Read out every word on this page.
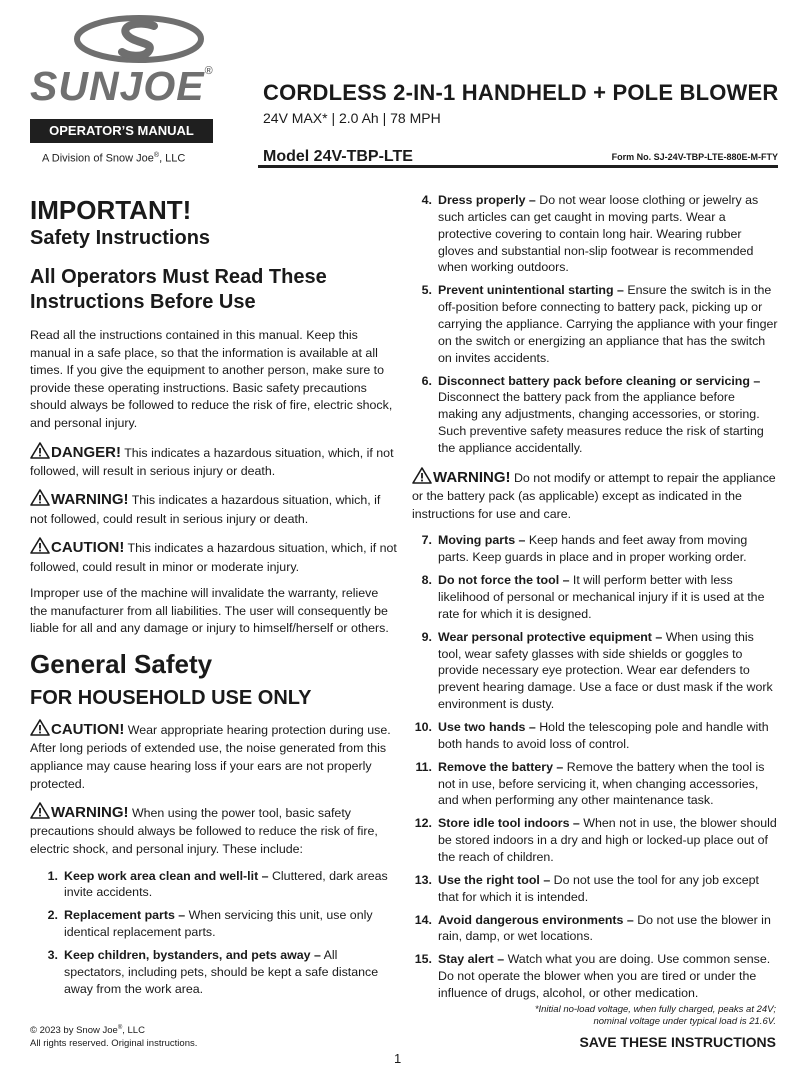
SUNJOE®
OPERATOR’S MANUAL
A Division of Snow Joe®, LLC
CORDLESS 2-IN-1 HANDHELD + POLE BLOWER
24V MAX* | 2.0 Ah | 78 MPH
Model 24V-TBP-LTE	Form No. SJ-24V-TBP-LTE-880E-M-FTY
IMPORTANT!
Safety Instructions
All Operators Must Read These Instructions Before Use

Read all the instructions contained in this manual. Keep this manual in a safe place, so that the information is available at all times. If you give the equipment to another person, make sure to provide these operating instructions. Basic safety precautions should always be followed to reduce the risk of fire, electric shock, and personal injury.

DANGER! This indicates a hazardous situation, which, if not followed, will result in serious injury or death.
WARNING! This indicates a hazardous situation, which, if not followed, could result in serious injury or death.
CAUTION! This indicates a hazardous situation, which, if not followed, could result in minor or moderate injury.

Improper use of the machine will invalidate the warranty, relieve the manufacturer from all liabilities. The user will consequently be liable for all and any damage or injury to himself/herself or others.

General Safety
FOR HOUSEHOLD USE ONLY
CAUTION! Wear appropriate hearing protection during use. After long periods of extended use, the noise generated from this appliance may cause hearing loss if your ears are not properly protected.
WARNING! When using the power tool, basic safety precautions should always be followed to reduce the risk of fire, electric shock, and personal injury. These include:
1. Keep work area clean and well-lit – Cluttered, dark areas invite accidents.
2. Replacement parts – When servicing this unit, use only identical replacement parts.
3. Keep children, bystanders, and pets away – All spectators, including pets, should be kept a safe distance away from the work area.
4. Dress properly – Do not wear loose clothing or jewelry as such articles can get caught in moving parts. Wear a protective covering to contain long hair. Wearing rubber gloves and substantial non-slip footwear is recommended when working outdoors.
5. Prevent unintentional starting – Ensure the switch is in the off-position before connecting to battery pack, picking up or carrying the appliance. Carrying the appliance with your finger on the switch or energizing an appliance that has the switch on invites accidents.
6. Disconnect battery pack before cleaning or servicing – Disconnect the battery pack from the appliance before making any adjustments, changing accessories, or storing. Such preventive safety measures reduce the risk of starting the appliance accidentally.
WARNING! Do not modify or attempt to repair the appliance or the battery pack (as applicable) except as indicated in the instructions for use and care.
7. Moving parts – Keep hands and feet away from moving parts. Keep guards in place and in proper working order.
8. Do not force the tool – It will perform better with less likelihood of personal or mechanical injury if it is used at the rate for which it is designed.
9. Wear personal protective equipment – When using this tool, wear safety glasses with side shields or goggles to provide necessary eye protection. Wear ear defenders to prevent hearing damage. Use a face or dust mask if the work environment is dusty.
10. Use two hands – Hold the telescoping pole and handle with both hands to avoid loss of control.
11. Remove the battery – Remove the battery when the tool is not in use, before servicing it, when changing accessories, and when performing any other maintenance task.
12. Store idle tool indoors – When not in use, the blower should be stored indoors in a dry and high or locked-up place out of the reach of children.
13. Use the right tool – Do not use the tool for any job except that for which it is intended.
14. Avoid dangerous environments – Do not use the blower in rain, damp, or wet locations.
15. Stay alert – Watch what you are doing. Use common sense. Do not operate the blower when you are tired or under the influence of drugs, alcohol, or other medication.
*Initial no-load voltage, when fully charged, peaks at 24V;
nominal voltage under typical load is 21.6V.
© 2023 by Snow Joe®, LLC
All rights reserved. Original instructions.
1
SAVE THESE INSTRUCTIONS
